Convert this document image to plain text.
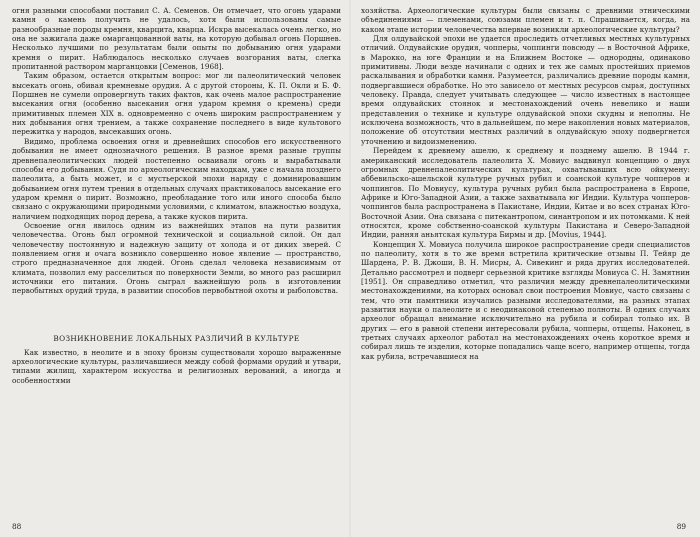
огня разными способами поставил С. А. Семенов. Он отмечает, что огонь ударами камня о камень получить не удалось, хотя были использованы самые разнообразные породы кремня, кварцита, кварца. Искра высекалась очень легко, но она не зажигала даже омарганцованной ваты, на которую добывал огонь Поршнев. Несколько лучшими по результатам были опыты по добыванию огня ударами кремня о пирит. Наблюдалось несколько случаев возгорания ваты, слегка пропитанной раствором марганцовки [Семенов, 1968].

Таким образом, остается открытым вопрос: мог ли палеолитический человек высекать огонь, обивая кремневые орудия. А с другой стороны, К. П. Окли и Б. Ф. Поршнев не сумели опровергнуть таких фактов, как очень малое распространение высекания огня (особенно высекания огня ударом кремня о кремень) среди примитивных племен XIX в. одновременно с очень широким распространением у них добывания огня трением, а также сохранение последнего в виде культового пережитка у народов, высекавших огонь.

Видимо, проблема освоения огня и древнейших способов его искусственного добывания не имеет однозначного решения. В разное время разные группы древнепалеолитических людей постепенно осваивали огонь и вырабатывали способы его добывания. Судя по археологическим находкам, уже с начала позднего палеолита, а быть может, и с мустьерской эпохи наряду с доминировавшим добыванием огня путем трения в отдельных случаях практиковалось высекание его ударом кремня о пирит. Возможно, преобладание того или иного способа было связано с окружающими природными условиями, с климатом, влажностью воздуха, наличием подходящих пород дерева, а также кусков пирита.

Освоение огня явилось одним из важнейших этапов на пути развития человечества. Огонь был огромной технической и социальной силой. Он дал человечеству постоянную и надежную защиту от холода и от диких зверей. С появлением огня и очага возникло совершенно новое явление — пространство, строго предназначенное для людей. Огонь сделал человека независимым от климата, позволил ему расселиться по поверхности Земли, во много раз расширил источники его питания. Огонь сыграл важнейшую роль в изготовлении первобытных орудий труда, в развитии способов первобытной охоты и рыболовства.

ВОЗНИКНОВЕНИЕ ЛОКАЛЬНЫХ РАЗЛИЧИЙ В КУЛЬТУРЕ

Как известно, в неолите и в эпоху бронзы существовали хорошо выраженные археологические культуры, различавшиеся между собой формами орудий и утвари, типами жилищ, характером искусства и религиозных верований, а иногда и особенностями

88

хозяйства. Археологические культуры были связаны с древними этническими объединениями — племенами, союзами племен и т. п. Спрашивается, когда, на каком этапе истории человечества впервые возникли археологические культуры?

Для олдувайской эпохи не удается проследить отчетливых местных культурных отличий. Олдувайские орудия, чопперы, чоппинги повсюду — в Восточной Африке, в Марокко, на юге Франции и на Ближнем Востоке — однородны, одинаково примитивны. Люди везде начинали с одних и тех же самых простейших приемов раскалывания и обработки камня. Разумеется, различались древние породы камня, подвергавшиеся обработке. Но это зависело от местных ресурсов сырья, доступных человеку. Правда, следует учитывать следующее — число известных в настоящее время олдувайских стоянок и местонахождений очень невелико и наши представления о технике и культуре олдувайской эпохи скудны и неполны. Не исключена возможность, что в дальнейшем, по мере накопления новых материалов, положение об отсутствии местных различий в олдувайскую эпоху подвергнется уточнению и видоизменению.

Перейдем к древнему ашелю, к среднему и позднему ашелю. В 1944 г. американский исследователь палеолита Х. Мовиус выдвинул концепцию о двух огромных древнепалеолитических культурах, охватывавших всю ойкумену: аббевильско-ашельской культуре ручных рубил и соанской культуре чопперов и чоппингов. По Мовиусу, культура ручных рубил была распространена в Европе, Африке и Юго-Западной Азии, а также захватывала юг Индии. Культура чопперов-чоппингов была распространена в Пакистане, Индии, Китае и во всех странах Юго-Восточной Азии. Она связана с питекантропом, синантропом и их потомками. К ней относятся, кроме собственно-соанской культуры Пакистана и Северо-Западной Индии, ранняя аньятская культура Бирмы и др. [Movius, 1944].

Концепция Х. Мовиуса получила широкое распространение среди специалистов по палеолиту, хотя в то же время встретила критические отзывы П. Тейяр де Шардена, Р. В. Джоши, В. Н. Мисры, А. Сивекинг и ряда других исследователей. Детально рассмотрел и подверг серьезной критике взгляды Мовиуса С. Н. Замятнин [1951]. Он справедливо отметил, что различия между древнепалеолитическими местонахождениями, на которых основал свои построения Мовиус, часто связаны с тем, что эти памятники изучались разными исследователями, на разных этапах развития науки о палеолите и с неодинаковой степенью полноты. В одних случаях археолог обращал внимание исключительно на рубила и собирал только их. В других — его в равной степени интересовали рубила, чопперы, отщепы. Наконец, в третьих случаях археолог работал на местонахождениях очень короткое время и собирал лишь те изделия, которые попадались чаще всего, например отщепы, тогда как рубила, встречавшиеся на

89
